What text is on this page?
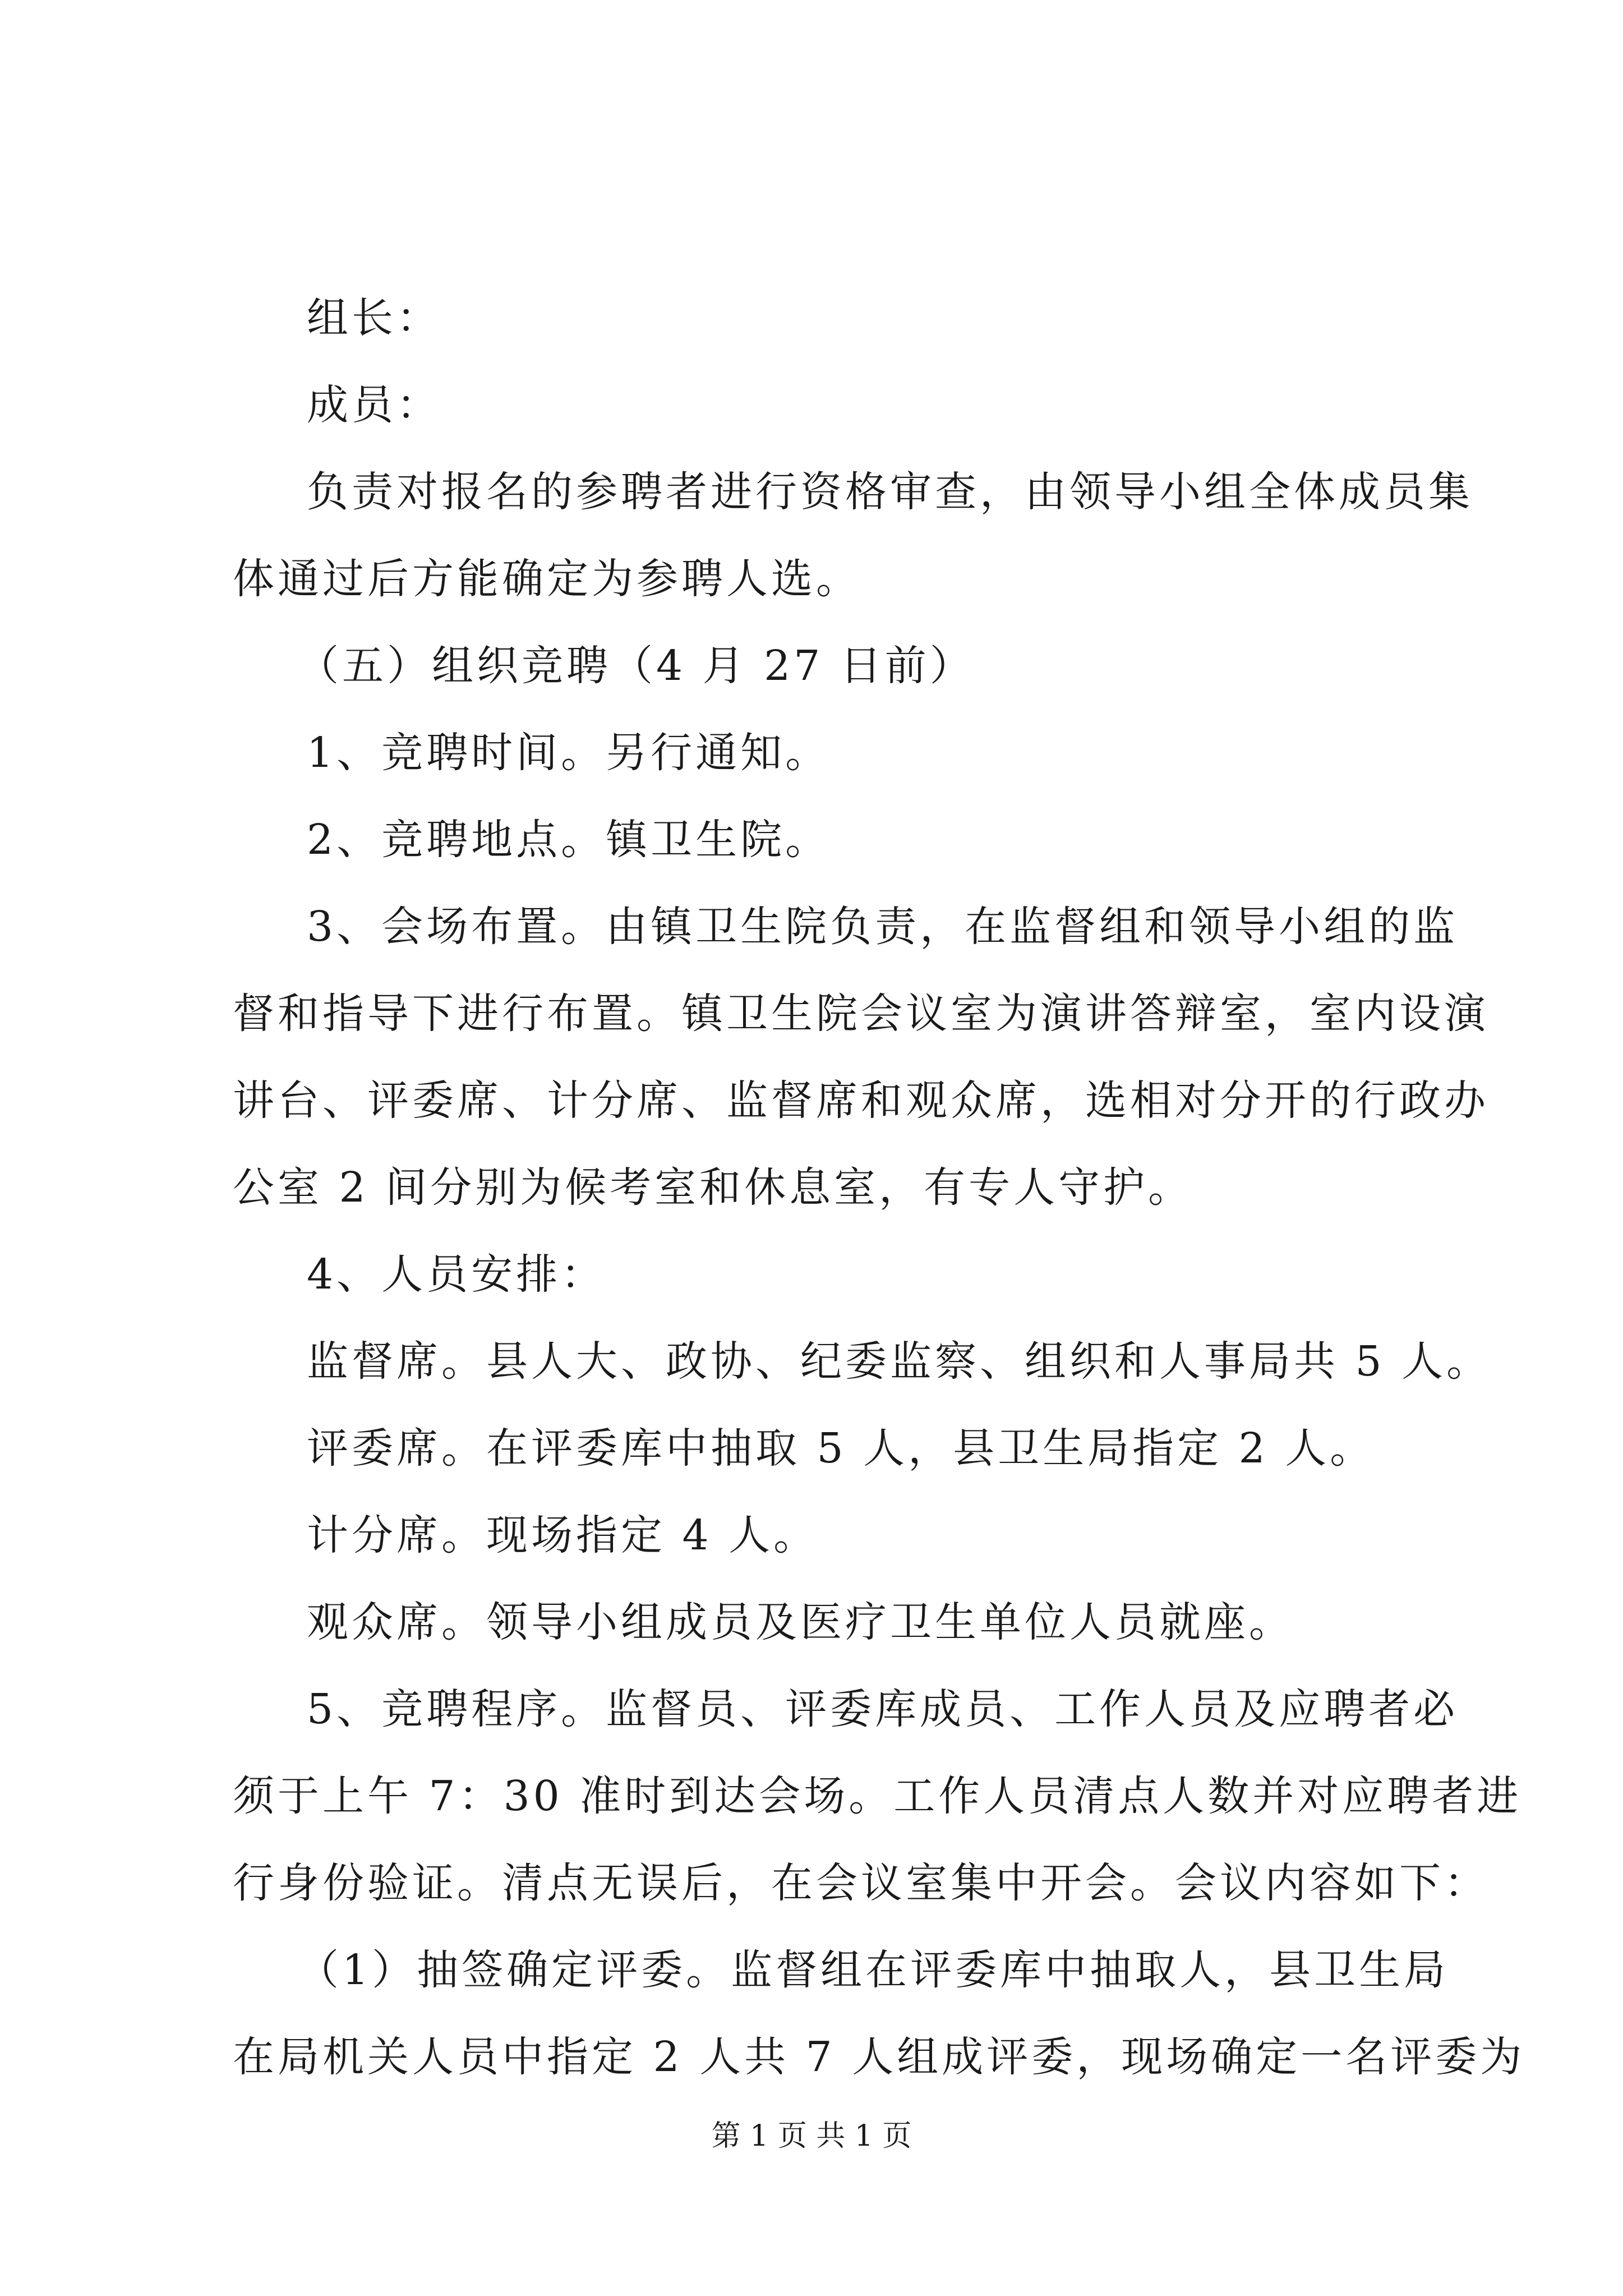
组长：
成员：
负责对报名的参聘者进行资格审查，由领导小组全体成员集
体通过后方能确定为参聘人选。
（五）组织竞聘（4 月 27 日前）
1、竞聘时间。另行通知。
2、竞聘地点。镇卫生院。
3、会场布置。由镇卫生院负责，在监督组和领导小组的监
督和指导下进行布置。镇卫生院会议室为演讲答辩室，室内设演
讲台、评委席、计分席、监督席和观众席，选相对分开的行政办
公室 2 间分别为候考室和休息室，有专人守护。
4、人员安排：
监督席。县人大、政协、纪委监察、组织和人事局共 5 人。
评委席。在评委库中抽取 5 人，县卫生局指定 2 人。
计分席。现场指定 4 人。
观众席。领导小组成员及医疗卫生单位人员就座。
5、竞聘程序。监督员、评委库成员、工作人员及应聘者必
须于上午 7：30 准时到达会场。工作人员清点人数并对应聘者进
行身份验证。清点无误后，在会议室集中开会。会议内容如下：
（1）抽签确定评委。监督组在评委库中抽取人，县卫生局
在局机关人员中指定 2 人共 7 人组成评委，现场确定一名评委为
第 1 页 共 1 页
